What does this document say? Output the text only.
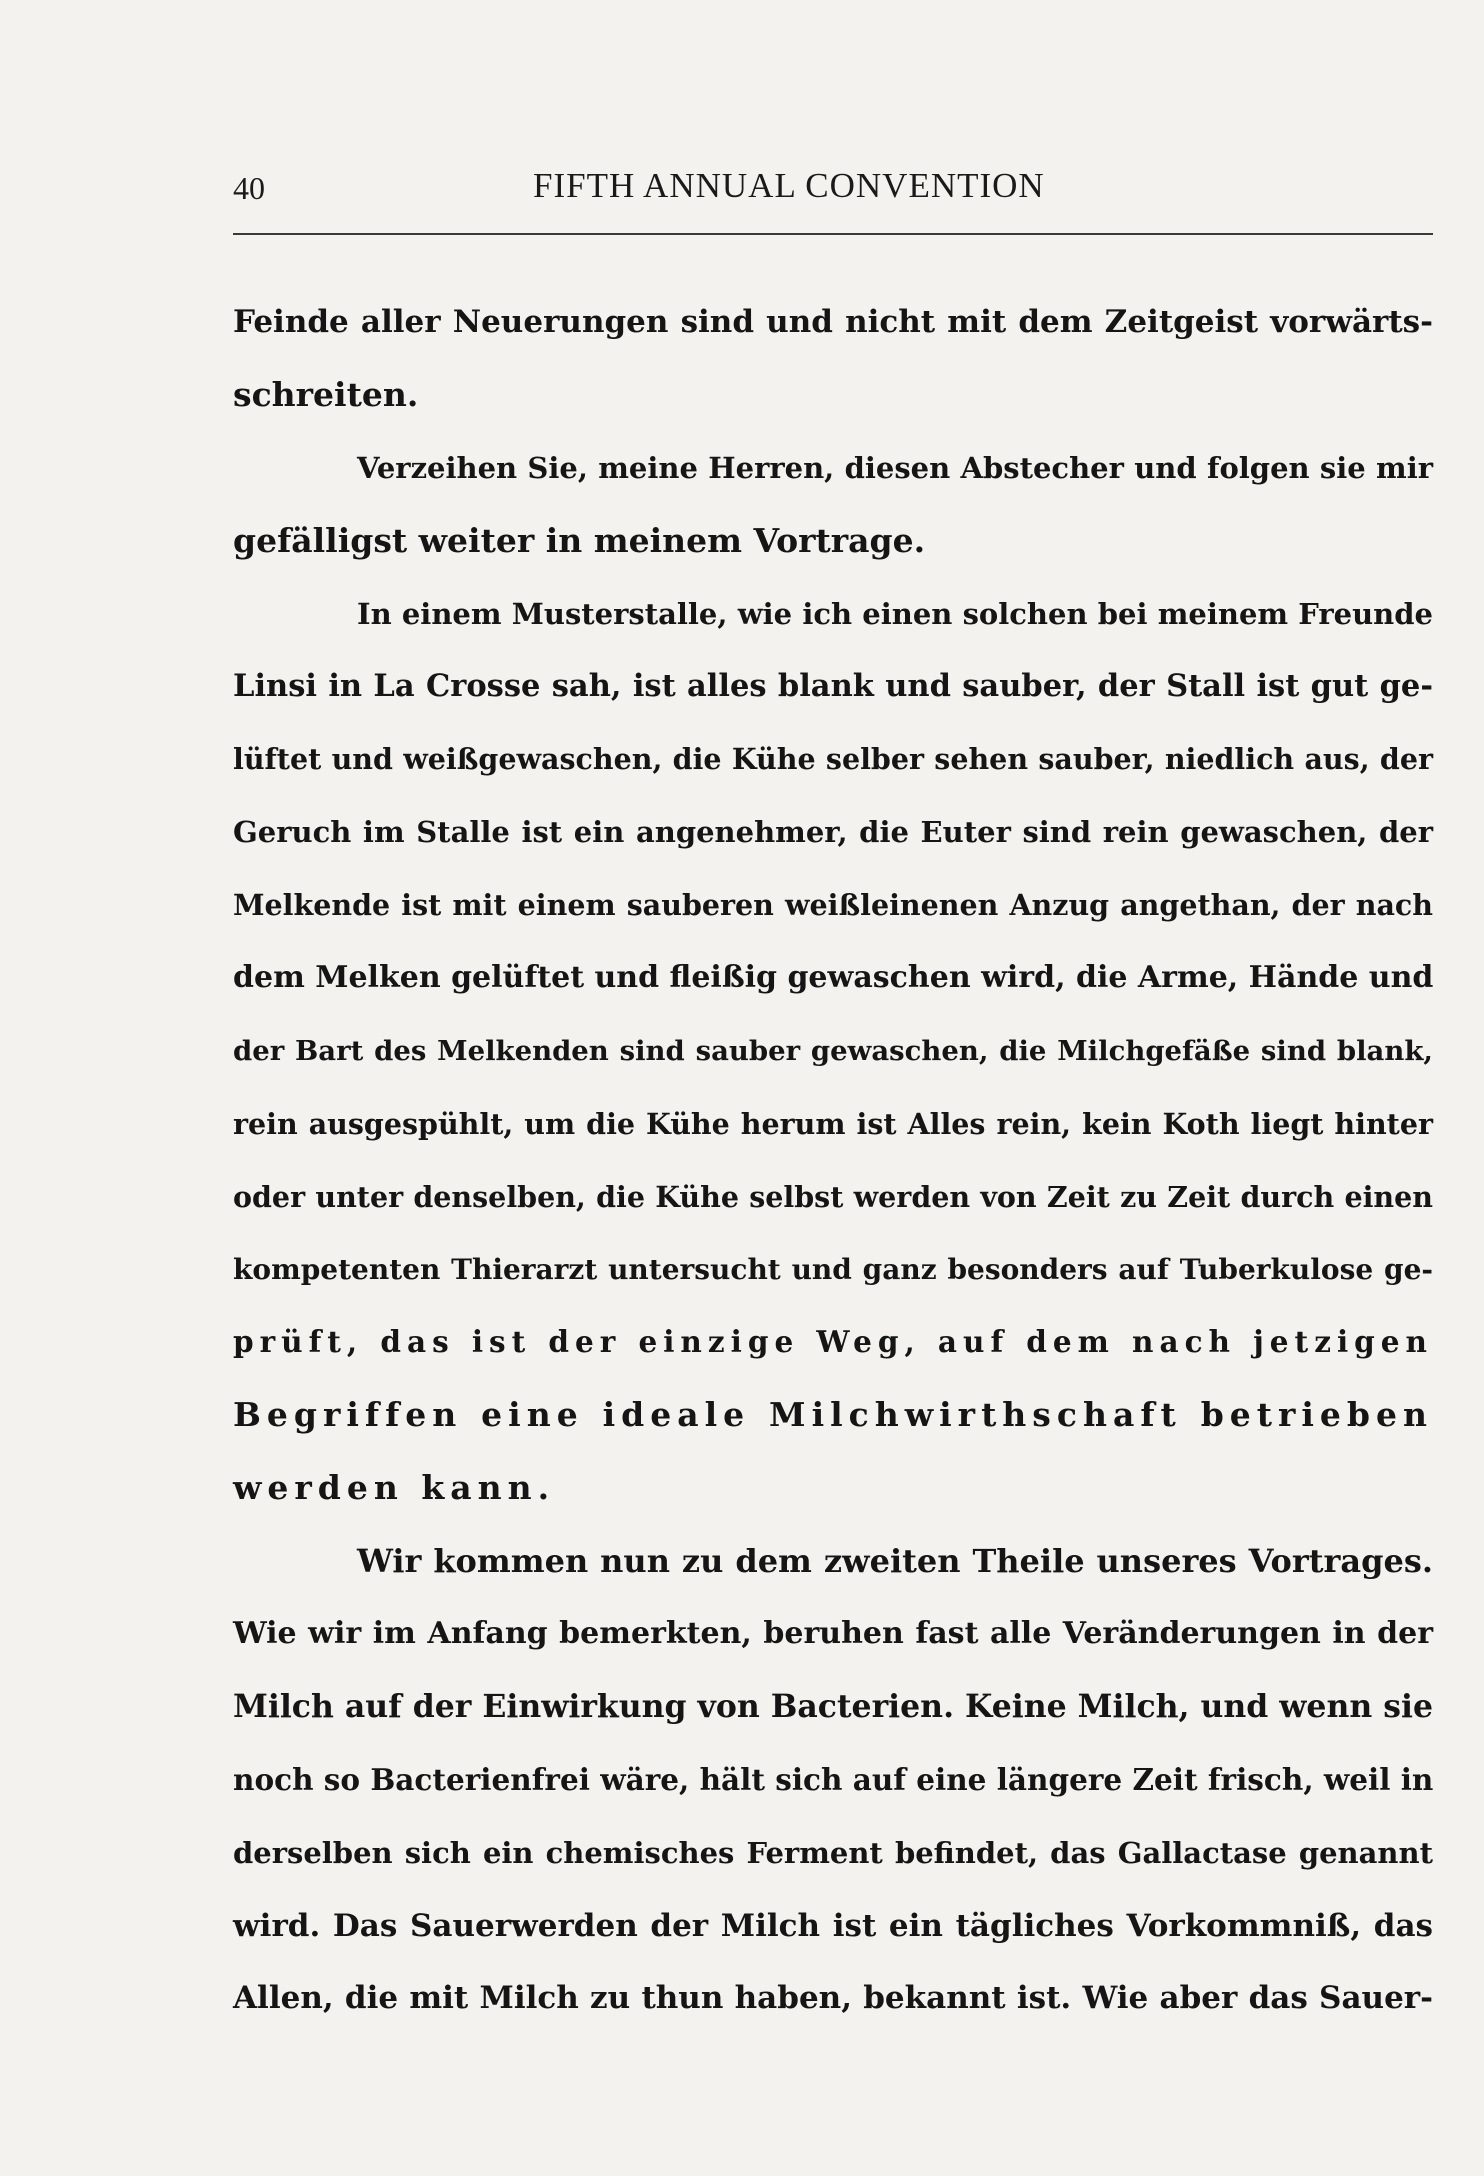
40	FIFTH ANNUAL CONVENTION
Feinde aller Neuerungen sind und nicht mit dem Zeitgeist vorwärts-
schreiten.
Verzeihen Sie, meine Herren, diesen Abstecher und folgen sie mir
gefälligst weiter in meinem Vortrage.
In einem Musterstalle, wie ich einen solchen bei meinem Freunde
Linsi in La Crosse sah, ist alles blank und sauber, der Stall ist gut ge-
lüftet und weißgewaschen, die Kühe selber sehen sauber, niedlich aus, der
Geruch im Stalle ist ein angenehmer, die Euter sind rein gewaschen, der
Melkende ist mit einem sauberen weißleinenen Anzug angethan, der nach
dem Melken gelüftet und fleißig gewaschen wird, die Arme, Hände und
der Bart des Melkenden sind sauber gewaschen, die Milchgefäße sind blank,
rein ausgespühlt, um die Kühe herum ist Alles rein, kein Koth liegt hinter
oder unter denselben, die Kühe selbst werden von Zeit zu Zeit durch einen
kompetenten Thierarzt untersucht und ganz besonders auf Tuberkulose ge-
prüft, das ist der einzige Weg, auf dem nach jetzigen
Begriffen eine ideale Milchwirthschaft betrieben
werden kann.
Wir kommen nun zu dem zweiten Theile unseres Vortrages.
Wie wir im Anfang bemerkten, beruhen fast alle Veränderungen in der
Milch auf der Einwirkung von Bacterien. Keine Milch, und wenn sie
noch so Bacterienfrei wäre, hält sich auf eine längere Zeit frisch, weil in
derselben sich ein chemisches Ferment befindet, das Gallactase genannt
wird. Das Sauerwerden der Milch ist ein tägliches Vorkommniß, das
Allen, die mit Milch zu thun haben, bekannt ist. Wie aber das Sauer-
